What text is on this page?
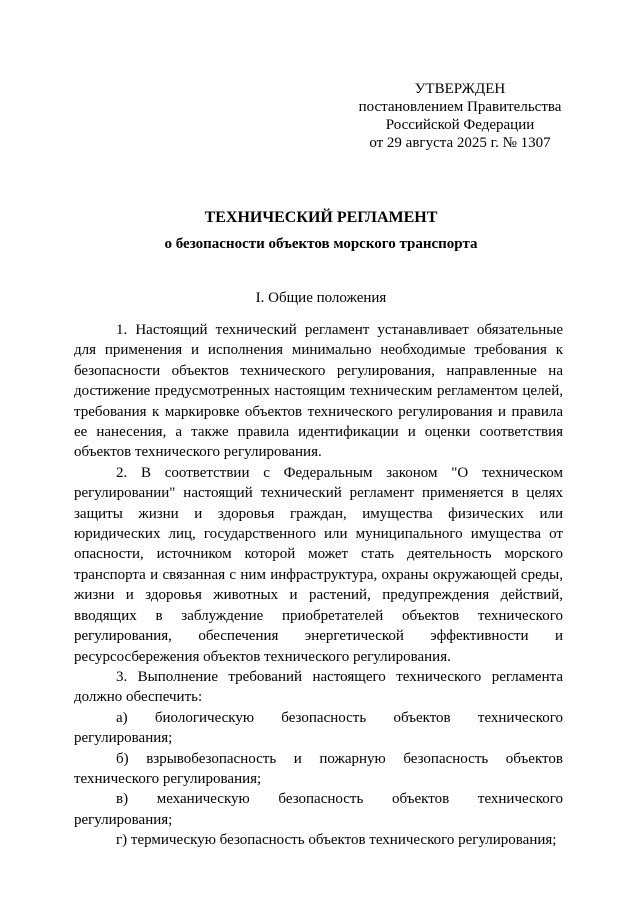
УТВЕРЖДЕН
постановлением Правительства
Российской Федерации
от 29 августа 2025 г. № 1307
ТЕХНИЧЕСКИЙ РЕГЛАМЕНТ
о безопасности объектов морского транспорта
I. Общие положения

1. Настоящий технический регламент устанавливает обязательные для применения и исполнения минимально необходимые требования к безопасности объектов технического регулирования, направленные на достижение предусмотренных настоящим техническим регламентом целей, требования к маркировке объектов технического регулирования и правила ее нанесения, а также правила идентификации и оценки соответствия объектов технического регулирования.

2. В соответствии с Федеральным законом "О техническом регулировании" настоящий технический регламент применяется в целях защиты жизни и здоровья граждан, имущества физических или юридических лиц, государственного или муниципального имущества от опасности, источником которой может стать деятельность морского транспорта и связанная с ним инфраструктура, охраны окружающей среды, жизни и здоровья животных и растений, предупреждения действий, вводящих в заблуждение приобретателей объектов технического регулирования, обеспечения энергетической эффективности и ресурсосбережения объектов технического регулирования.

3. Выполнение требований настоящего технического регламента должно обеспечить:

а) биологическую безопасность объектов технического регулирования;

б) взрывобезопасность и пожарную безопасность объектов технического регулирования;

в) механическую безопасность объектов технического регулирования;

г) термическую безопасность объектов технического регулирования;
